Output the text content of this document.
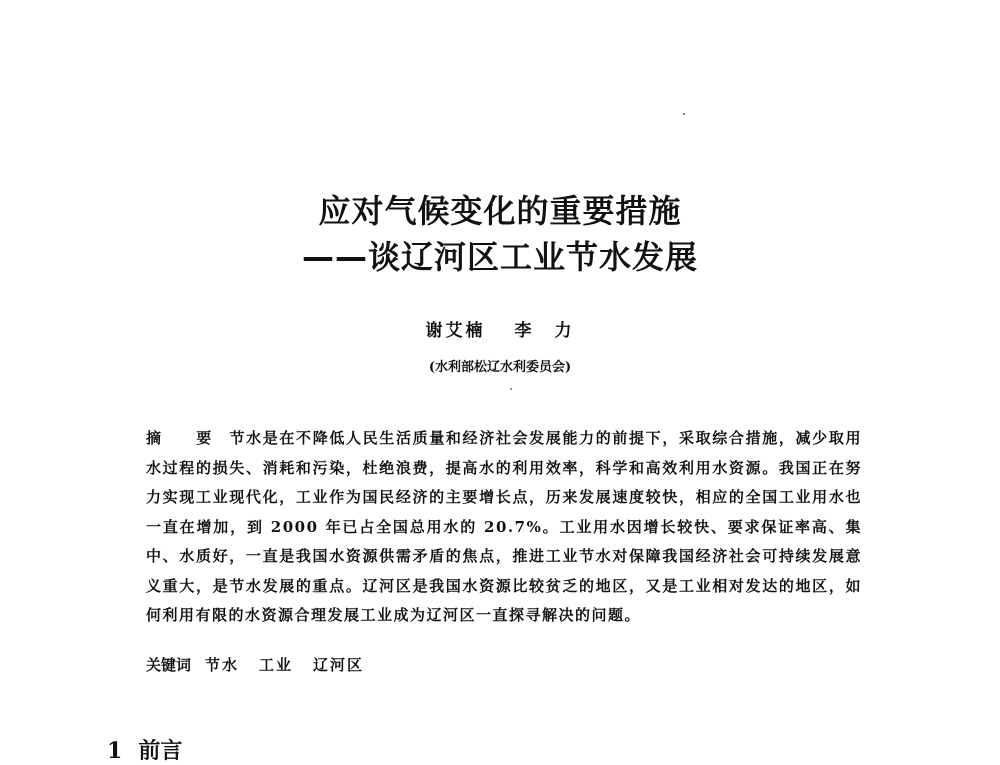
应对气候变化的重要措施
——谈辽河区工业节水发展
谢艾楠 李　力
(水利部松辽水利委员会)

摘　要 节水是在不降低人民生活质量和经济社会发展能力的前提下，采取综合措施，减少取用水过程的损失、消耗和污染，杜绝浪费，提高水的利用效率，科学和高效利用水资源。我国正在努力实现工业现代化，工业作为国民经济的主要增长点，历来发展速度较快，相应的全国工业用水也一直在增加，到 2000 年已占全国总用水的 20.7%。工业用水因增长较快、要求保证率高、集中、水质好，一直是我国水资源供需矛盾的焦点，推进工业节水对保障我国经济社会可持续发展意义重大，是节水发展的重点。辽河区是我国水资源比较贫乏的地区，又是工业相对发达的地区，如何利用有限的水资源合理发展工业成为辽河区一直探寻解决的问题。

关键词 节水 工业 辽河区

1 前言
